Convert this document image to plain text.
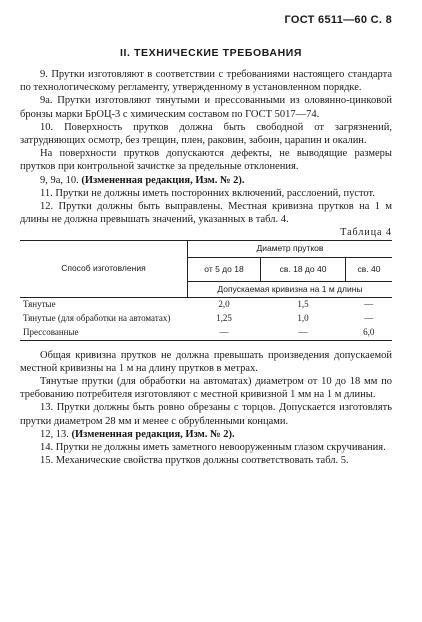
ГОСТ 6511—60 С. 8
II. ТЕХНИЧЕСКИЕ ТРЕБОВАНИЯ

9. Прутки изготовляют в соответствии с требованиями настоящего стандарта по технологическому регламенту, утвержденному в установленном порядке.

9а. Прутки изготовляют тянутыми и прессованными из оловянно-цинковой бронзы марки БрОЦ-3 с химическим составом по ГОСТ 5017—74.

10. Поверхность прутков должна быть свободной от загрязнений, затрудняющих осмотр, без трещин, плен, раковин, забоин, царапин и окалин.

На поверхности прутков допускаются дефекты, не выводящие размеры прутков при контрольной зачистке за предельные отклонения.

9, 9а, 10. (Измененная редакция, Изм. № 2).

11. Прутки не должны иметь посторонних включений, расслоений, пустот.

12. Прутки должны быть выправлены. Местная кривизна прутков на 1 м длины не должна превышать значений, указанных в табл. 4.

Таблица 4

Способ изготовления	Диаметр прутков		
	от 5 до 18	св. 18 до 40	св. 40
	Допускаемая кривизна на 1 м длины		
Тянутые	2,0	1,5	—
Тянутые (для обработки на автоматах)	1,25	1,0	—
Прессованные	—	—	6,0

Общая кривизна прутков не должна превышать произведения допускаемой местной кривизны на 1 м на длину прутков в метрах.

Тянутые прутки (для обработки на автоматах) диаметром от 10 до 18 мм по требованию потребителя изготовляют с местной кривизной 1 мм на 1 м длины.

13. Прутки должны быть ровно обрезаны с торцов. Допускается изготовлять прутки диаметром 28 мм и менее с обрубленными концами.

12, 13. (Измененная редакция, Изм. № 2).

14. Прутки не должны иметь заметного невооруженным глазом скручивания.

15. Механические свойства прутков должны соответствовать табл. 5.
